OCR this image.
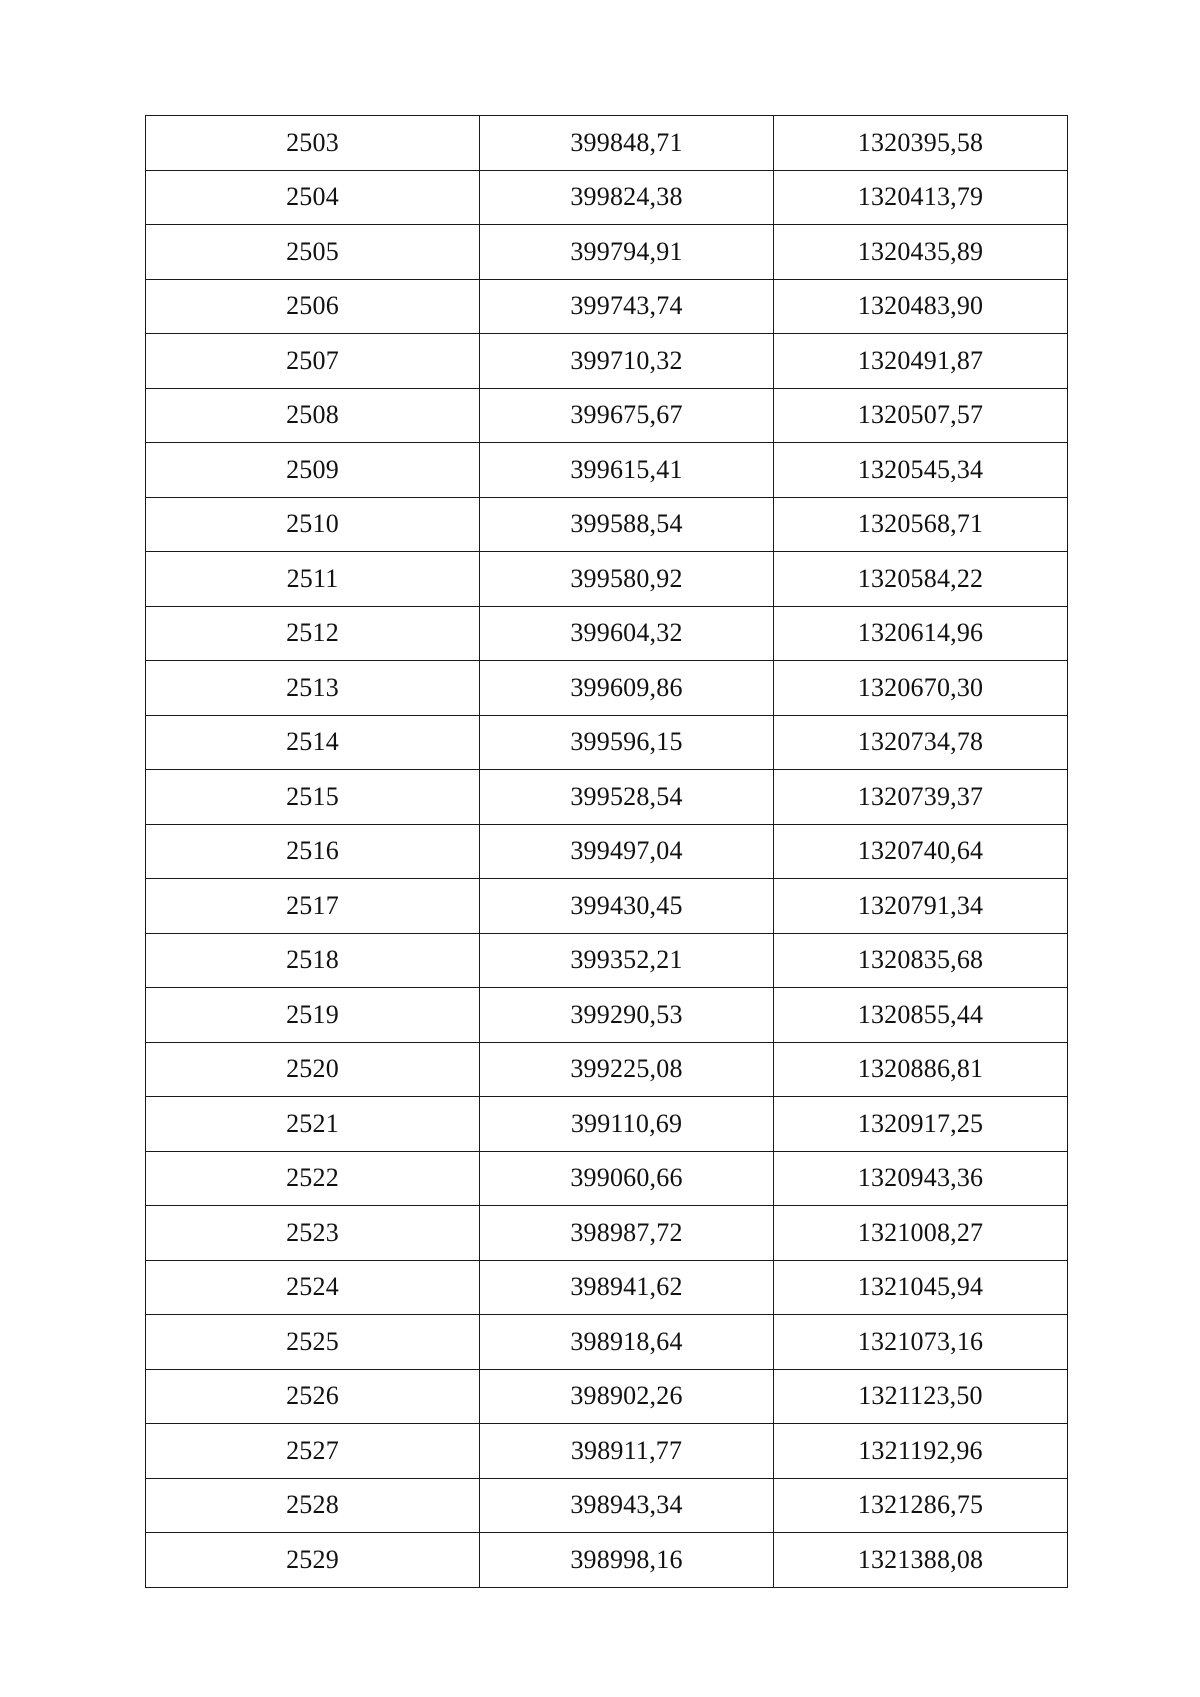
2503	399848,71	1320395,58
2504	399824,38	1320413,79
2505	399794,91	1320435,89
2506	399743,74	1320483,90
2507	399710,32	1320491,87
2508	399675,67	1320507,57
2509	399615,41	1320545,34
2510	399588,54	1320568,71
2511	399580,92	1320584,22
2512	399604,32	1320614,96
2513	399609,86	1320670,30
2514	399596,15	1320734,78
2515	399528,54	1320739,37
2516	399497,04	1320740,64
2517	399430,45	1320791,34
2518	399352,21	1320835,68
2519	399290,53	1320855,44
2520	399225,08	1320886,81
2521	399110,69	1320917,25
2522	399060,66	1320943,36
2523	398987,72	1321008,27
2524	398941,62	1321045,94
2525	398918,64	1321073,16
2526	398902,26	1321123,50
2527	398911,77	1321192,96
2528	398943,34	1321286,75
2529	398998,16	1321388,08
